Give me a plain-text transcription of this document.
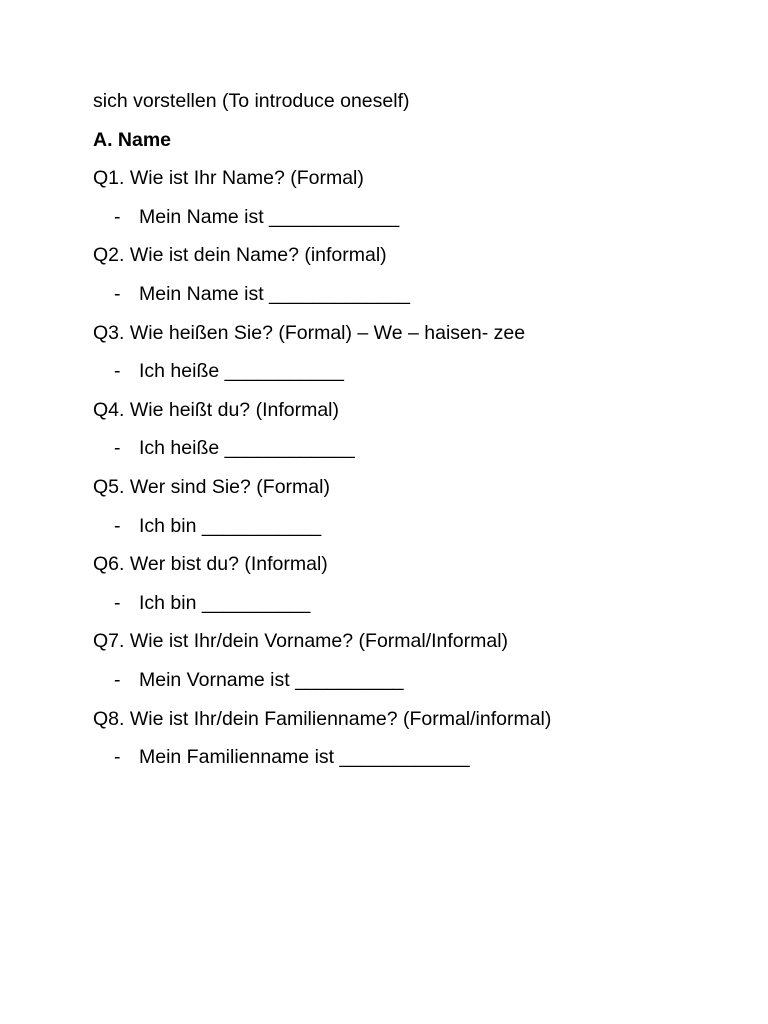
sich vorstellen (To introduce oneself)
A. Name
Q1. Wie ist Ihr Name? (Formal)
- Mein Name ist ____________
Q2. Wie ist dein Name? (informal)
- Mein Name ist _____________
Q3. Wie heißen Sie? (Formal) – We – haisen- zee
- Ich heiße ___________
Q4. Wie heißt du? (Informal)
- Ich heiße ____________
Q5. Wer sind Sie? (Formal)
- Ich bin ___________
Q6. Wer bist du? (Informal)
- Ich bin __________
Q7. Wie ist Ihr/dein Vorname? (Formal/Informal)
- Mein Vorname ist __________
Q8. Wie ist Ihr/dein Familienname? (Formal/informal)
- Mein Familienname ist ____________
